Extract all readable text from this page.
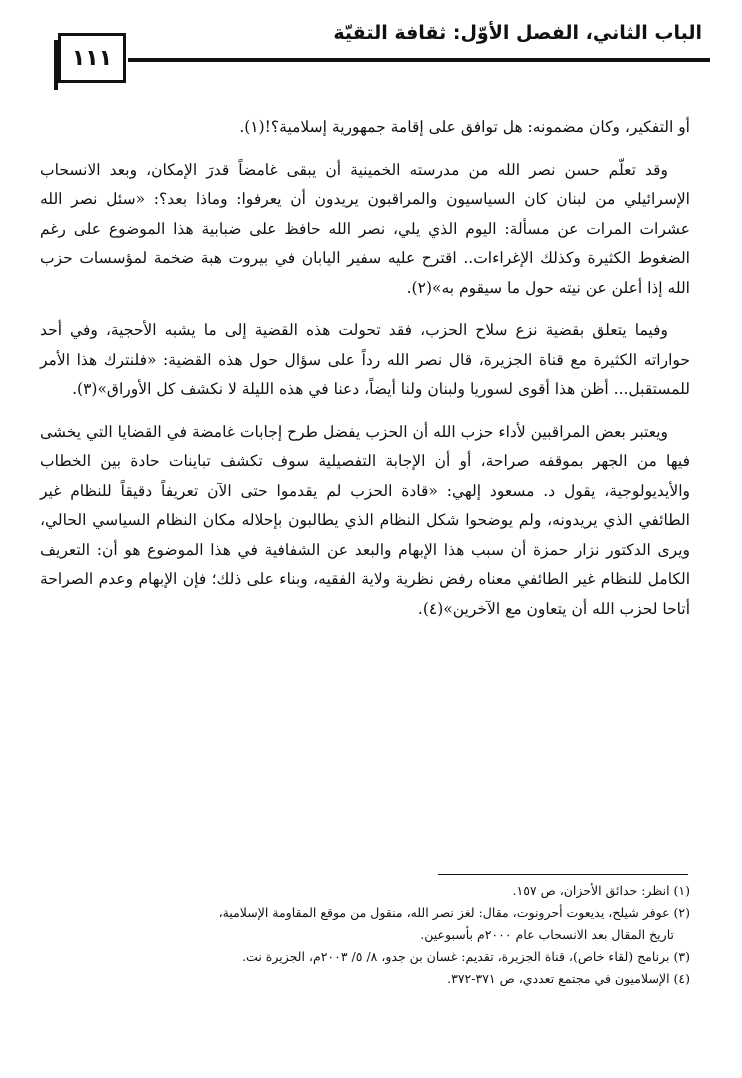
١١١
الباب الثاني، الفصل الأوّل: ثقافة التقيّة

أو التفكير، وكان مضمونه: هل توافق على إقامة جمهورية إسلامية؟!(١).

وقد تعلّم حسن نصر الله من مدرسته الخمينية أن يبقى غامضاً قدرَ الإمكان، وبعد الانسحاب الإسرائيلي من لبنان كان السياسيون والمراقبون يريدون أن يعرفوا: وماذا بعد؟: «سئل نصر الله عشرات المرات عن مسألة: اليوم الذي يلي، نصر الله حافظ على ضبابية هذا الموضوع على رغم الضغوط الكثيرة وكذلك الإغراءات.. اقترح عليه سفير اليابان في بيروت هبة ضخمة لمؤسسات حزب الله إذا أعلن عن نيته حول ما سيقوم به»(٢).

وفيما يتعلق بقضية نزع سلاح الحزب، فقد تحولت هذه القضية إلى ما يشبه الأحجية، وفي أحد حواراته الكثيرة مع قناة الجزيرة، قال نصر الله رداً على سؤال حول هذه القضية: «فلنترك هذا الأمر للمستقبل... أظن هذا أقوى لسوريا ولبنان ولنا أيضاً، دعنا في هذه الليلة لا نكشف كل الأوراق»(٣).

ويعتبر بعض المراقبين لأداء حزب الله أن الحزب يفضل طرح إجابات غامضة في القضايا التي يخشى فيها من الجهر بموقفه صراحة، أو أن الإجابة التفصيلية سوف تكشف تباينات حادة بين الخطاب والأيديولوجية، يقول د. مسعود إلهي: «قادة الحزب لم يقدموا حتى الآن تعريفاً دقيقاً للنظام غير الطائفي الذي يريدونه، ولم يوضحوا شكل النظام الذي يطالبون بإحلاله مكان النظام السياسي الحالي، ويرى الدكتور نزار حمزة أن سبب هذا الإبهام والبعد عن الشفافية في هذا الموضوع هو أن: التعريف الكامل للنظام غير الطائفي معناه رفض نظرية ولاية الفقيه، وبناء على ذلك؛ فإن الإبهام وعدم الصراحة أتاحا لحزب الله أن يتعاون مع الآخرين»(٤).

(١) انظر: حدائق الأحزان، ص ١٥٧.
(٢) عوفر شيلح، يديعوت أحرونوت، مقال: لغز نصر الله، منقول من موقع المقاومة الإسلامية،
تاريخ المقال بعد الانسحاب عام ٢٠٠٠م بأسبوعين.
(٣) برنامج (لقاء خاص)، قناة الجزيرة، تقديم: غسان بن جدو، ٨/ ٥/ ٢٠٠٣م، الجزيرة نت.
(٤) الإسلاميون في مجتمع تعددي، ص ٣٧١-٣٧٢.
